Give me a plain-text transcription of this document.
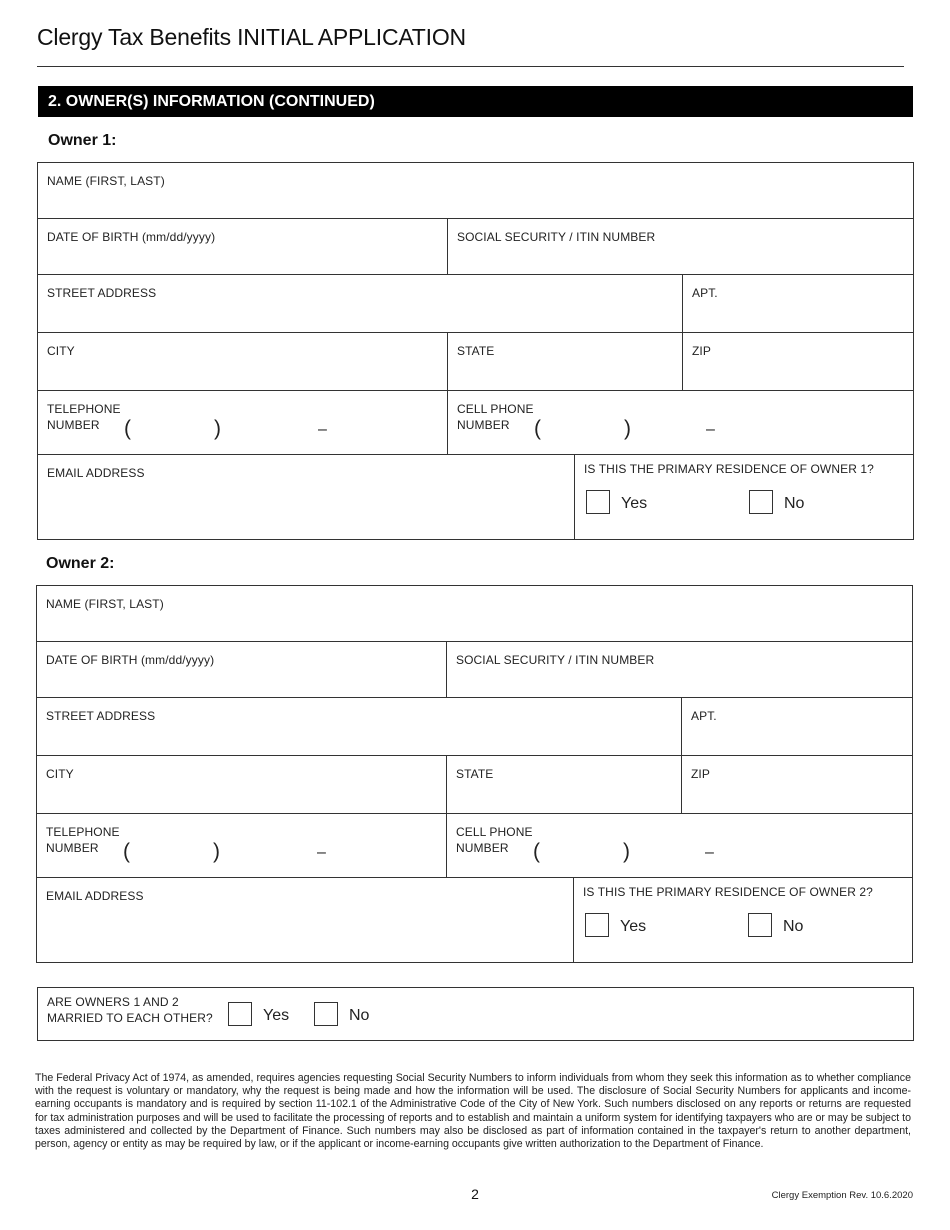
Clergy Tax Benefits INITIAL APPLICATION
2. OWNER(S) INFORMATION (CONTINUED)
Owner 1:
NAME (FIRST, LAST)
DATE OF BIRTH (mm/dd/yyyy)	SOCIAL SECURITY / ITIN NUMBER
STREET ADDRESS	APT.
CITY	STATE	ZIP
TELEPHONE
NUMBER	(	)	–
CELL PHONE
NUMBER	(	)	–
EMAIL ADDRESS	IS THIS THE PRIMARY RESIDENCE OF OWNER 1?
Yes	No
Owner 2:
NAME (FIRST, LAST)
DATE OF BIRTH (mm/dd/yyyy)	SOCIAL SECURITY / ITIN NUMBER
STREET ADDRESS	APT.
CITY	STATE	ZIP
TELEPHONE
NUMBER	(	)	–
CELL PHONE
NUMBER	(	)	–
EMAIL ADDRESS	IS THIS THE PRIMARY RESIDENCE OF OWNER 2?
Yes	No
ARE OWNERS 1 AND 2
MARRIED TO EACH OTHER?	Yes	No
The Federal Privacy Act of 1974, as amended, requires agencies requesting Social Security Numbers to inform individuals from whom they seek this information as to whether compliance with the request is voluntary or mandatory, why the request is being made and how the information will be used. The disclosure of Social Security Numbers for applicants and income-earning occupants is mandatory and is required by section 11-102.1 of the Administrative Code of the City of New York. Such numbers disclosed on any reports or returns are requested for tax administration purposes and will be used to facilitate the processing of reports and to establish and maintain a uniform system for identifying taxpayers who are or may be subject to taxes administered and collected by the Department of Finance. Such numbers may also be disclosed as part of information contained in the taxpayer's return to another department, person, agency or entity as may be required by law, or if the applicant or income-earning occupants give written authorization to the Department of Finance.
2	Clergy Exemption Rev. 10.6.2020
